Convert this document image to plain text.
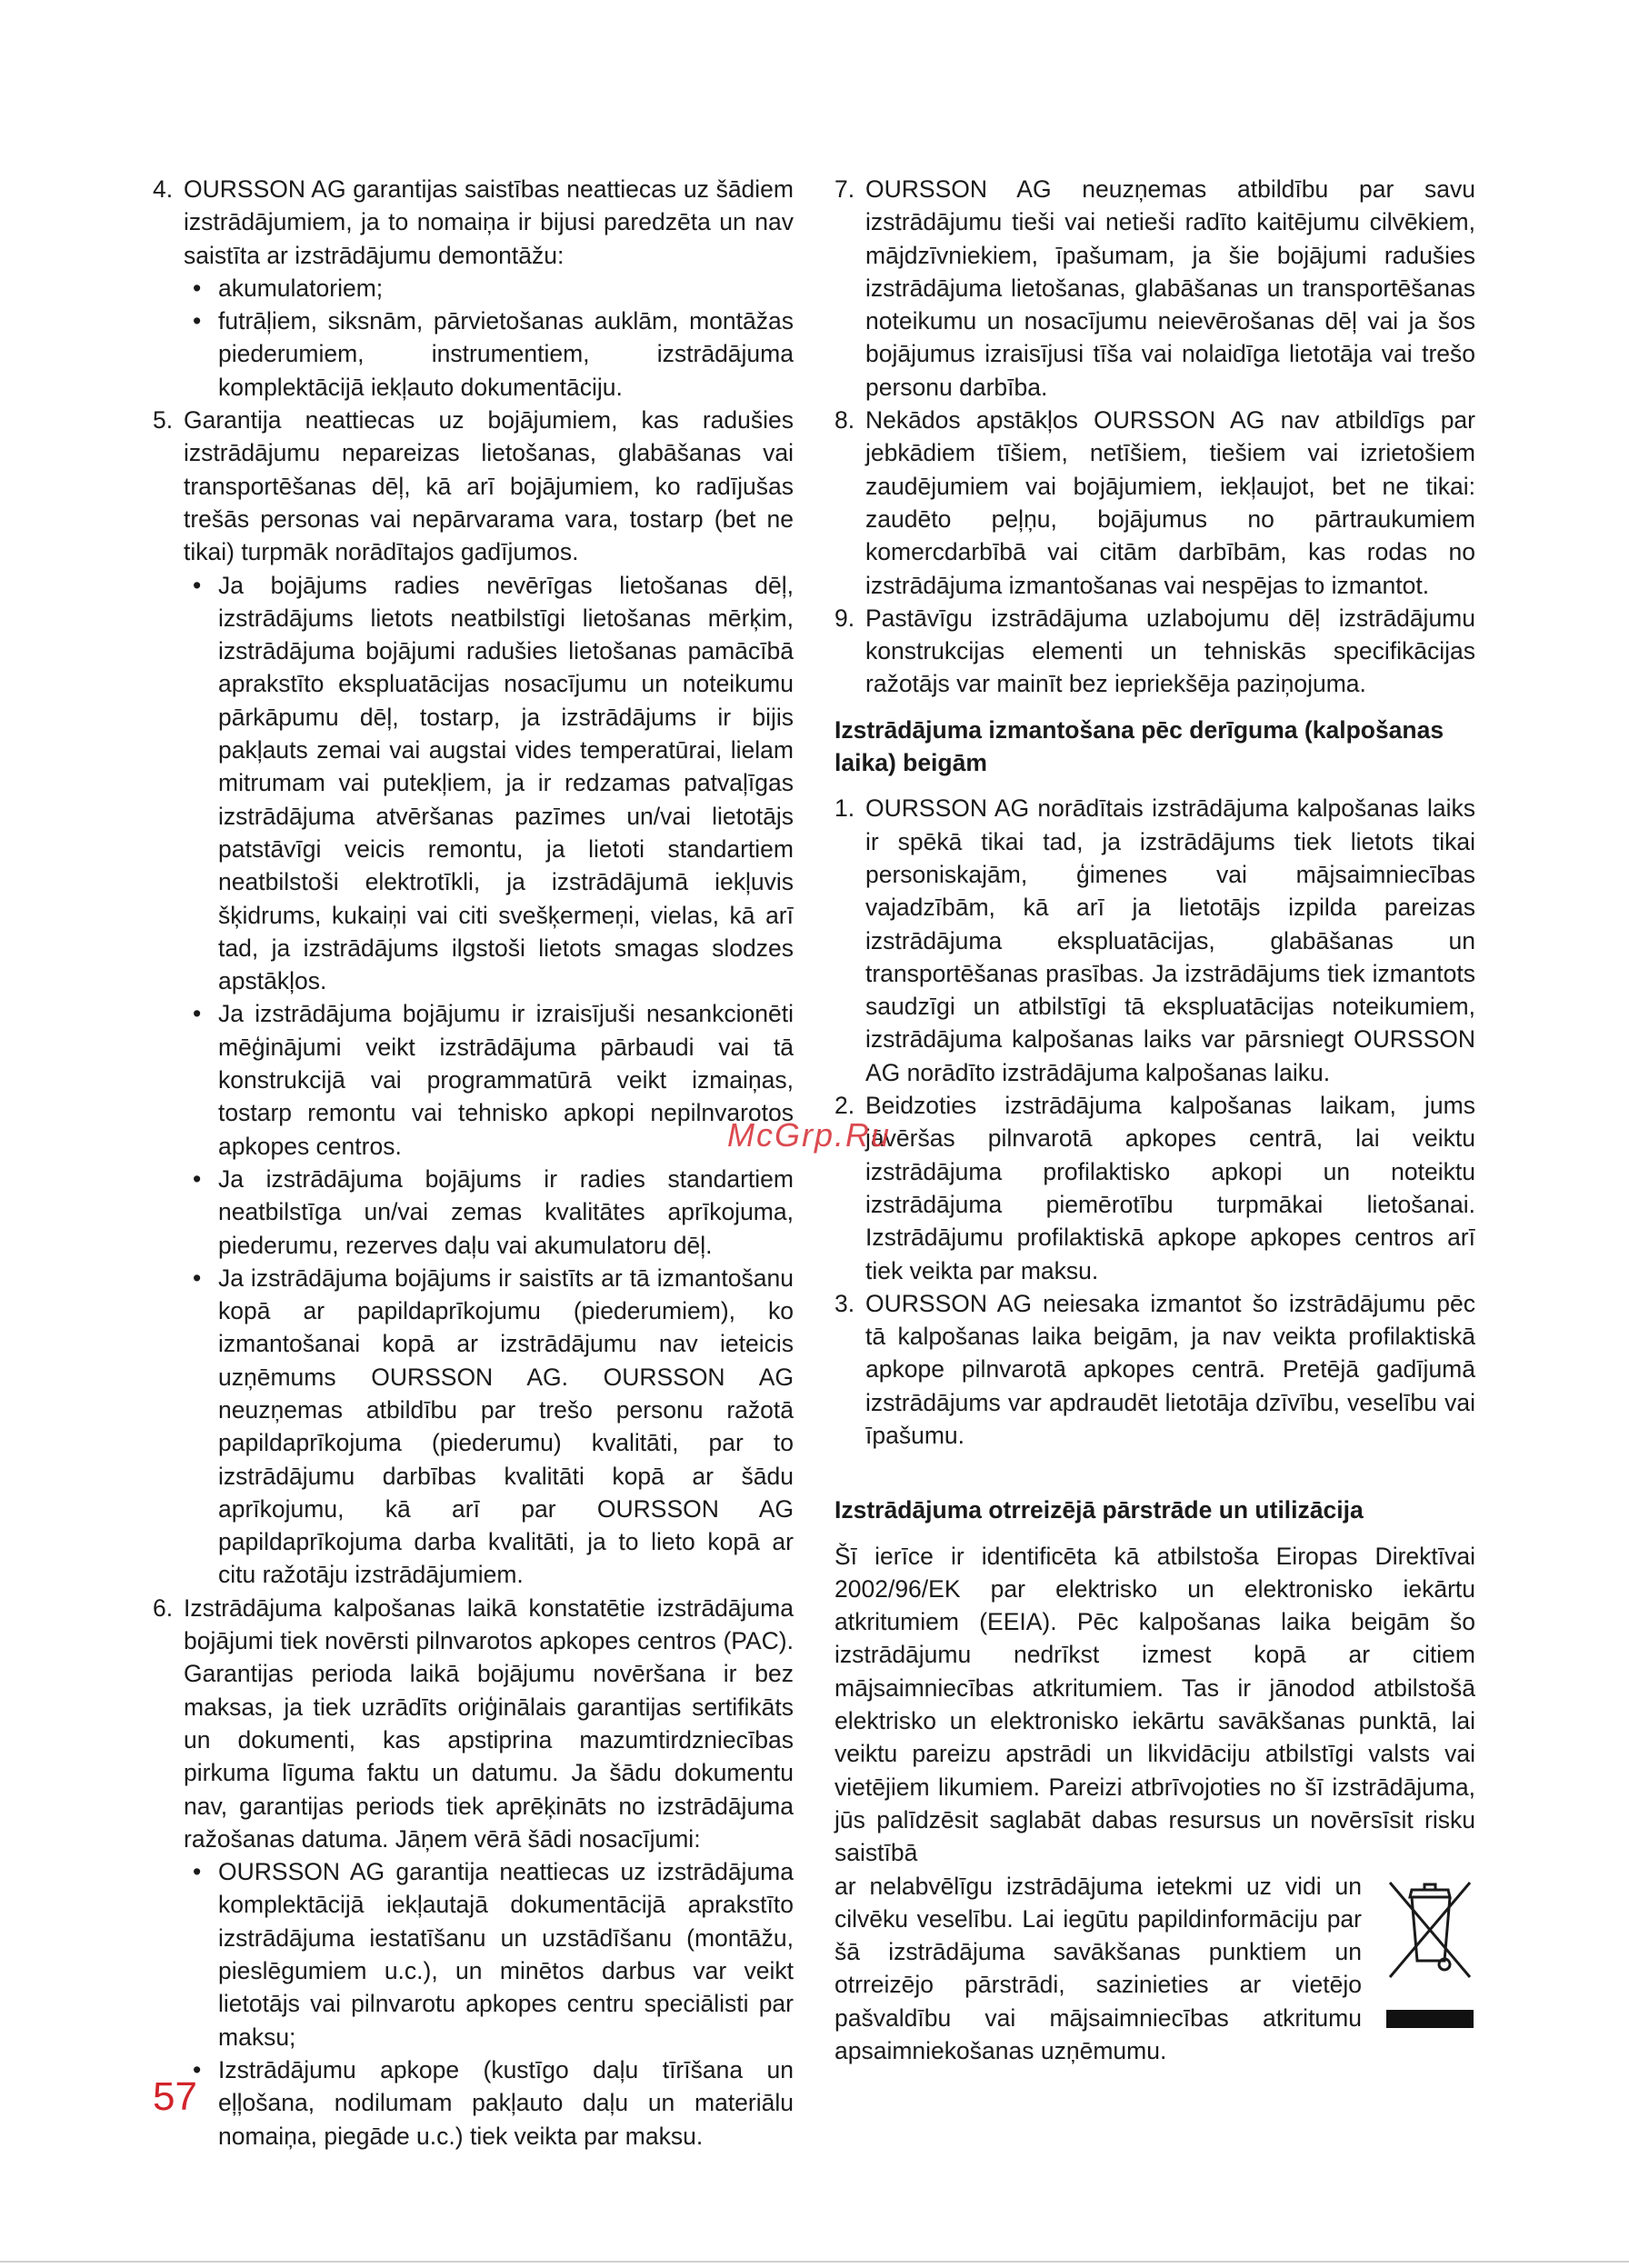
4. OURSSON AG garantijas saistības neattiecas uz šādiem izstrādājumiem, ja to nomaiņa ir bijusi paredzēta un nav saistīta ar izstrādājumu demontāžu:
• akumulatoriem;
• futrāļiem, siksnām, pārvietošanas auklām, montāžas piederumiem, instrumentiem, izstrādājuma komplektācijā iekļauto dokumentāciju.
5. Garantija neattiecas uz bojājumiem, kas radušies izstrādājumu nepareizas lietošanas, glabāšanas vai transportēšanas dēļ, kā arī bojājumiem, ko radījušas trešās personas vai nepārvarama vara, tostarp (bet ne tikai) turpmāk norādītajos gadījumos.
• Ja bojājums radies nevērīgas lietošanas dēļ, izstrādājums lietots neatbilstīgi lietošanas mērķim, izstrādājuma bojājumi radušies lietošanas pamācībā aprakstīto ekspluatācijas nosacījumu un noteikumu pārkāpumu dēļ, tostarp, ja izstrādājums ir bijis pakļauts zemai vai augstai vides temperatūrai, lielam mitrumam vai putekļiem, ja ir redzamas patvaļīgas izstrādājuma atvēršanas pazīmes un/vai lietotājs patstāvīgi veicis remontu, ja lietoti standartiem neatbilstoši elektrotīkli, ja izstrādājumā iekļuvis šķidrums, kukaiņi vai citi svešķermeņi, vielas, kā arī tad, ja izstrādājums ilgstoši lietots smagas slodzes apstākļos.
• Ja izstrādājuma bojājumu ir izraisījuši nesankcionēti mēģinājumi veikt izstrādājuma pārbaudi vai tā konstrukcijā vai programmatūrā veikt izmaiņas, tostarp remontu vai tehnisko apkopi nepilnvarotos apkopes centros.
• Ja izstrādājuma bojājums ir radies standartiem neatbilstīga un/vai zemas kvalitātes aprīkojuma, piederumu, rezerves daļu vai akumulatoru dēļ.
• Ja izstrādājuma bojājums ir saistīts ar tā izmantošanu kopā ar papildaprīkojumu (piederumiem), ko izmantošanai kopā ar izstrādājumu nav ieteicis uzņēmums OURSSON AG. OURSSON AG neuzņemas atbildību par trešo personu ražotā papildaprīkojuma (piederumu) kvalitāti, par to izstrādājumu darbības kvalitāti kopā ar šādu aprīkojumu, kā arī par OURSSON AG papildaprīkojuma darba kvalitāti, ja to lieto kopā ar citu ražotāju izstrādājumiem.
6. Izstrādājuma kalpošanas laikā konstatētie izstrādājuma bojājumi tiek novērsti pilnvarotos apkopes centros (PAC). Garantijas perioda laikā bojājumu novēršana ir bez maksas, ja tiek uzrādīts oriģinālais garantijas sertifikāts un dokumenti, kas apstiprina mazumtirdzniecības pirkuma līguma faktu un datumu. Ja šādu dokumentu nav, garantijas periods tiek aprēķināts no izstrādājuma ražošanas datuma. Jāņem vērā šādi nosacījumi:
• OURSSON AG garantija neattiecas uz izstrādājuma komplektācijā iekļautajā dokumentācijā aprakstīto izstrādājuma iestatīšanu un uzstādīšanu (montāžu, pieslēgumiem u.c.), un minētos darbus var veikt lietotājs vai pilnvarotu apkopes centru speciālisti par maksu;
• Izstrādājumu apkope (kustīgo daļu tīrīšana un eļļošana, nodilumam pakļauto daļu un materiālu nomaiņa, piegāde u.c.) tiek veikta par maksu.
7. OURSSON AG neuzņemas atbildību par savu izstrādājumu tieši vai netieši radīto kaitējumu cilvēkiem, mājdzīvniekiem, īpašumam, ja šie bojājumi radušies izstrādājuma lietošanas, glabāšanas un transportēšanas noteikumu un nosacījumu neievērošanas dēļ vai ja šos bojājumus izraisījusi tīša vai nolaidīga lietotāja vai trešo personu darbība.
8. Nekādos apstākļos OURSSON AG nav atbildīgs par jebkādiem tīšiem, netīšiem, tiešiem vai izrietošiem zaudējumiem vai bojājumiem, iekļaujot, bet ne tikai: zaudēto peļņu, bojājumus no pārtraukumiem komercdarbībā vai citām darbībām, kas rodas no izstrādājuma izmantošanas vai nespējas to izmantot.
9. Pastāvīgu izstrādājuma uzlabojumu dēļ izstrādājumu konstrukcijas elementi un tehniskās specifikācijas ražotājs var mainīt bez iepriekšēja paziņojuma.
Izstrādājuma izmantošana pēc derīguma (kalpošanas laika) beigām
1. OURSSON AG norādītais izstrādājuma kalpošanas laiks ir spēkā tikai tad, ja izstrādājums tiek lietots tikai personiskajām, ģimenes vai mājsaimniecības vajadzībām, kā arī ja lietotājs izpilda pareizas izstrādājuma ekspluatācijas, glabāšanas un transportēšanas prasības. Ja izstrādājums tiek izmantots saudzīgi un atbilstīgi tā ekspluatācijas noteikumiem, izstrādājuma kalpošanas laiks var pārsniegt OURSSON AG norādīto izstrādājuma kalpošanas laiku.
2. Beidzoties izstrādājuma kalpošanas laikam, jums jāvēršas pilnvarotā apkopes centrā, lai veiktu izstrādājuma profilaktisko apkopi un noteiktu izstrādājuma piemērotību turpmākai lietošanai. Izstrādājumu profilaktiskā apkope apkopes centros arī tiek veikta par maksu.
3. OURSSON AG neiesaka izmantot šo izstrādājumu pēc tā kalpošanas laika beigām, ja nav veikta profilaktiskā apkope pilnvarotā apkopes centrā. Pretējā gadījumā izstrādājums var apdraudēt lietotāja dzīvību, veselību vai īpašumu.
Izstrādājuma otrreizējā pārstrāde un utilizācija

Šī ierīce ir identificēta kā atbilstoša Eiropas Direktīvai 2002/96/EK par elektrisko un elektronisko iekārtu atkritumiem (EEIA). Pēc kalpošanas laika beigām šo izstrādājumu nedrīkst izmest kopā ar citiem mājsaimniecības atkritumiem. Tas ir jānodod atbilstošā elektrisko un elektronisko iekārtu savākšanas punktā, lai veiktu pareizu apstrādi un likvidāciju atbilstīgi valsts vai vietējiem likumiem. Pareizi atbrīvojoties no šī izstrādājuma, jūs palīdzēsit saglabāt dabas resursus un novērsīsit risku saistībā

ar nelabvēlīgu izstrādājuma ietekmi uz vidi un cilvēku veselību. Lai iegūtu papildinformāciju par šā izstrādājuma savākšanas punktiem un otrreizējo pārstrādi, sazinieties ar vietējo pašvaldību vai mājsaimniecības atkritumu apsaimniekošanas uzņēmumu.

McGrp.Ru
57
